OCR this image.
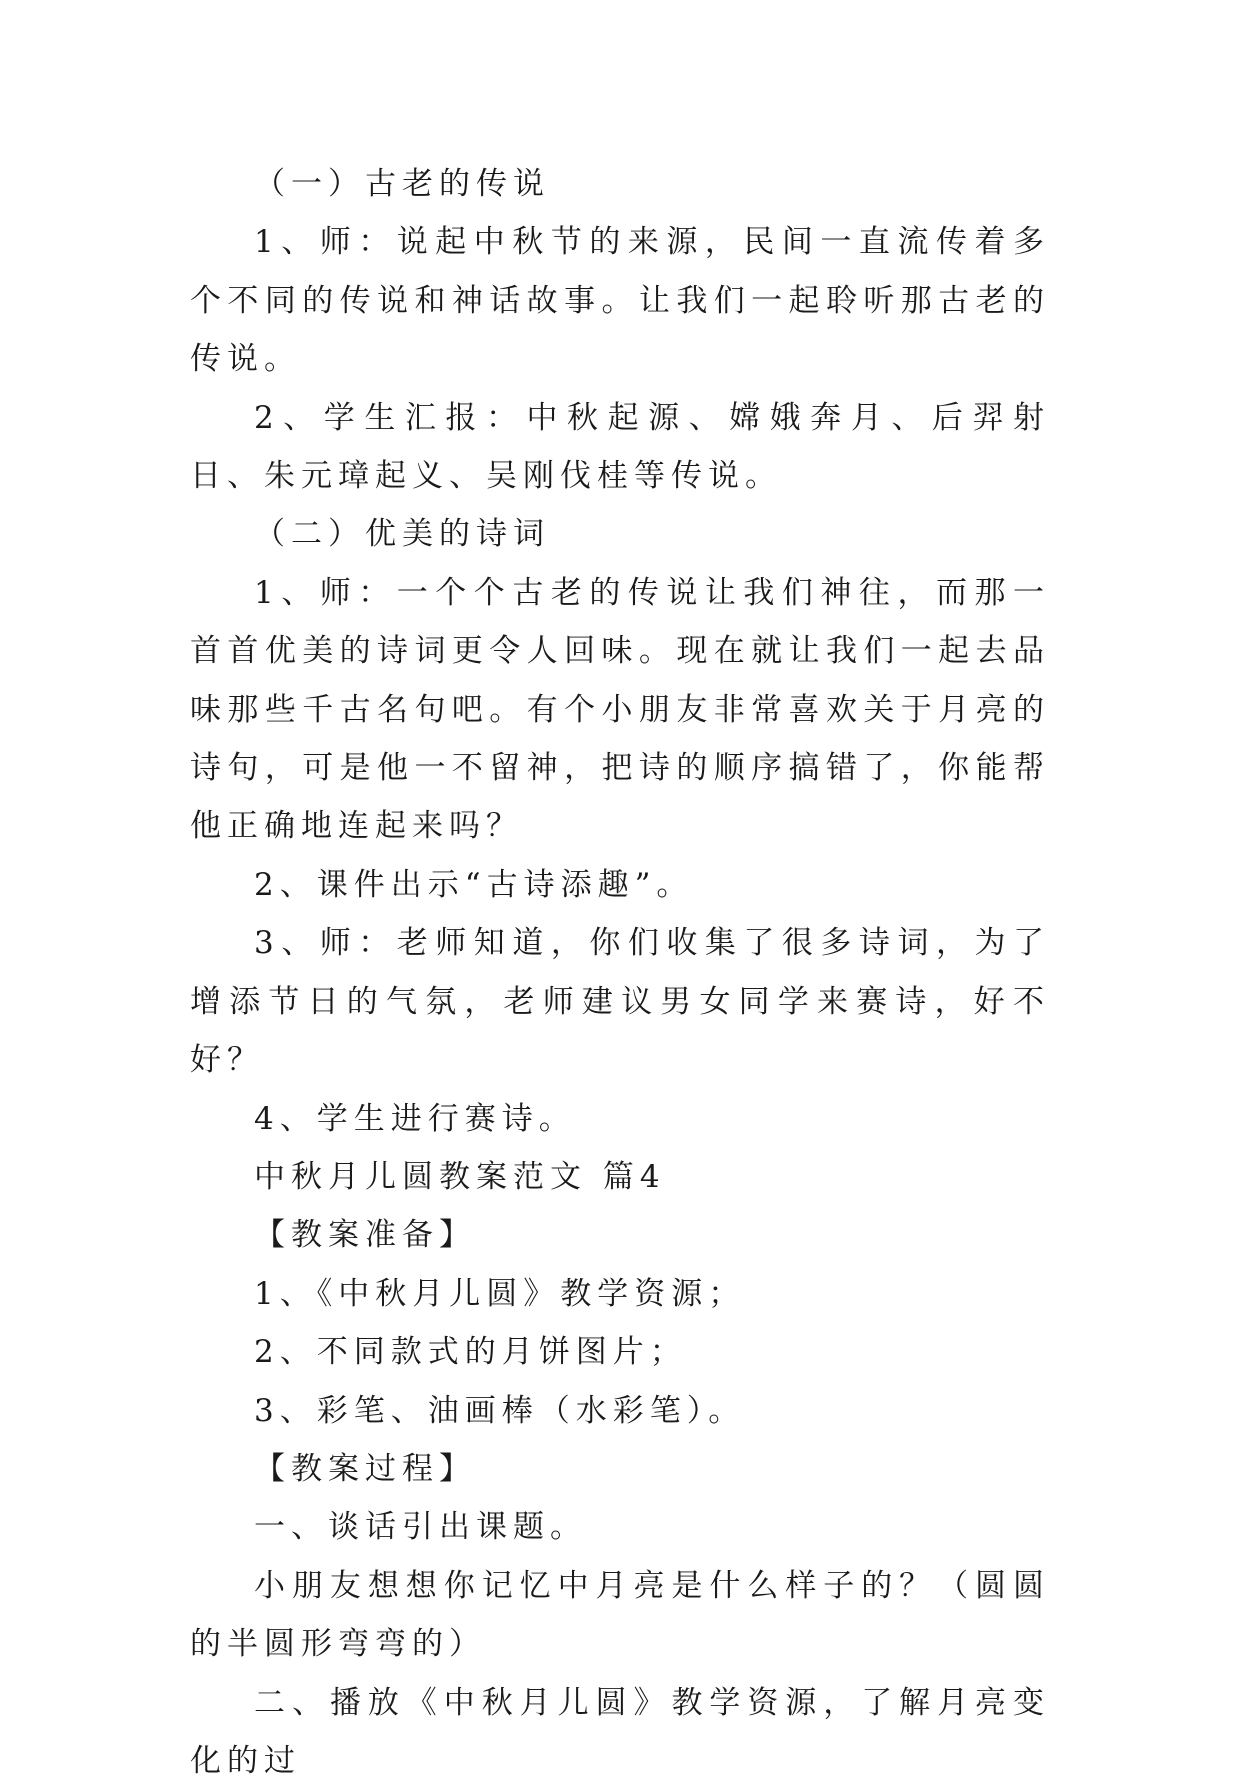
（一）古老的传说

1、师：说起中秋节的来源，民间一直流传着多个不同的传说和神话故事。让我们一起聆听那古老的传说。

2、学生汇报：中秋起源、嫦娥奔月、后羿射日、朱元璋起义、吴刚伐桂等传说。

（二）优美的诗词

1、师：一个个古老的传说让我们神往，而那一首首优美的诗词更令人回味。现在就让我们一起去品味那些千古名句吧。有个小朋友非常喜欢关于月亮的诗句，可是他一不留神，把诗的顺序搞错了，你能帮他正确地连起来吗？

2、课件出示“古诗添趣”。

3、师：老师知道，你们收集了很多诗词，为了增添节日的气氛，老师建议男女同学来赛诗，好不好？

4、学生进行赛诗。

中秋月儿圆教案范文 篇4

【教案准备】

1、《中秋月儿圆》教学资源；

2、不同款式的月饼图片；

3、彩笔、油画棒（水彩笔）。

【教案过程】

一、谈话引出课题。

小朋友想想你记忆中月亮是什么样子的？（圆圆的半圆形弯弯的）

二、播放《中秋月儿圆》教学资源，了解月亮变化的过
